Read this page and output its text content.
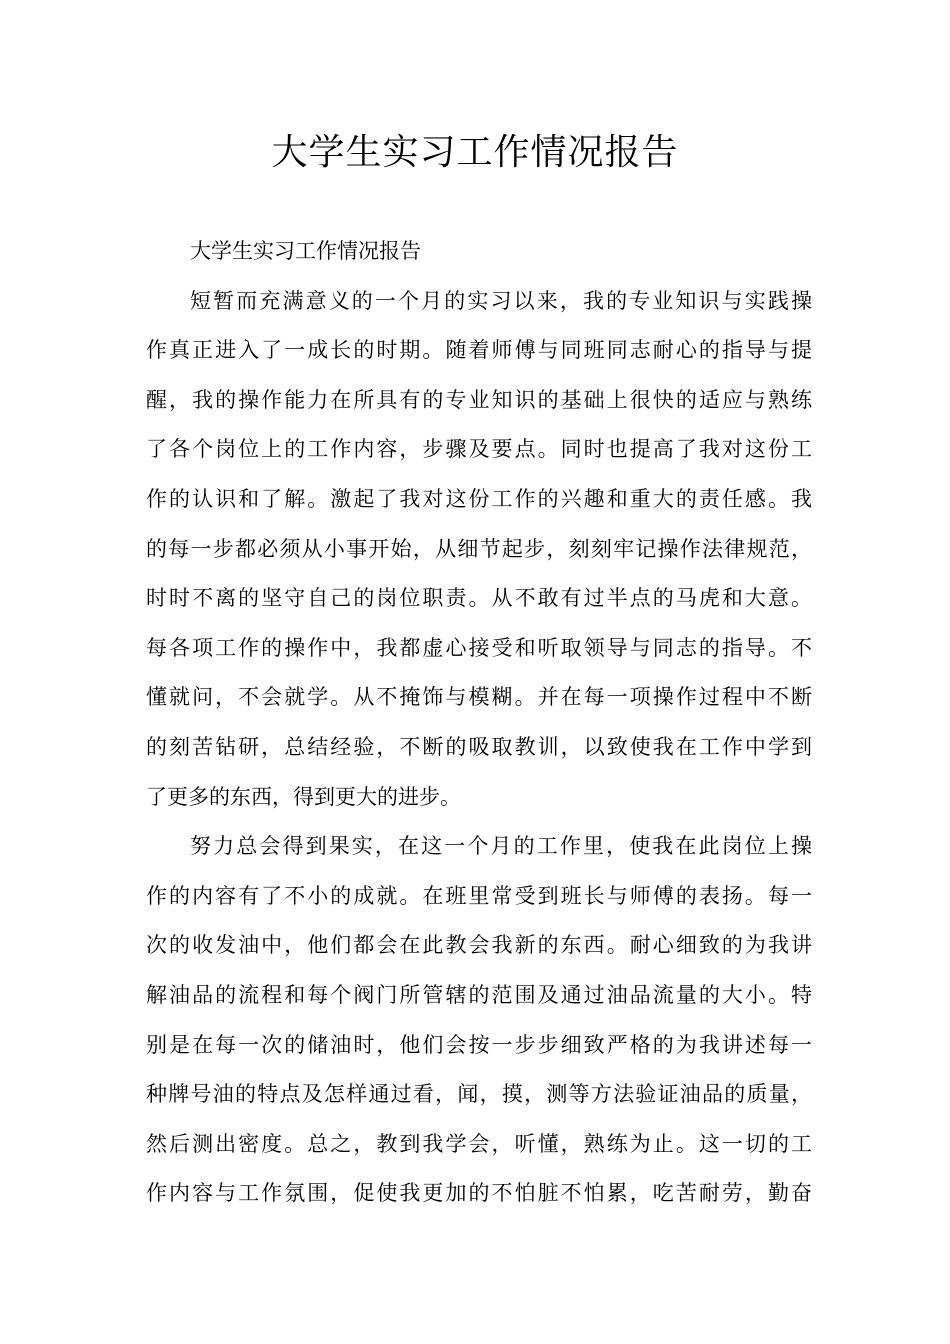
大学生实习工作情况报告
大学生实习工作情况报告
短暂而充满意义的一个月的实习以来，我的专业知识与实践操
作真正进入了一成长的时期。随着师傅与同班同志耐心的指导与提
醒，我的操作能力在所具有的专业知识的基础上很快的适应与熟练
了各个岗位上的工作内容，步骤及要点。同时也提高了我对这份工
作的认识和了解。激起了我对这份工作的兴趣和重大的责任感。我
的每一步都必须从小事开始，从细节起步，刻刻牢记操作法律规范，
时时不离的坚守自己的岗位职责。从不敢有过半点的马虎和大意。
每各项工作的操作中，我都虚心接受和听取领导与同志的指导。不
懂就问，不会就学。从不掩饰与模糊。并在每一项操作过程中不断
的刻苦钻研，总结经验，不断的吸取教训，以致使我在工作中学到
了更多的东西，得到更大的进步。
努力总会得到果实，在这一个月的工作里，使我在此岗位上操
作的内容有了不小的成就。在班里常受到班长与师傅的表扬。每一
次的收发油中，他们都会在此教会我新的东西。耐心细致的为我讲
解油品的流程和每个阀门所管辖的范围及通过油品流量的大小。特
别是在每一次的储油时，他们会按一步步细致严格的为我讲述每一
种牌号油的特点及怎样通过看，闻，摸，测等方法验证油品的质量，
然后测出密度。总之，教到我学会，听懂，熟练为止。这一切的工
作内容与工作氛围，促使我更加的不怕脏不怕累，吃苦耐劳，勤奋
